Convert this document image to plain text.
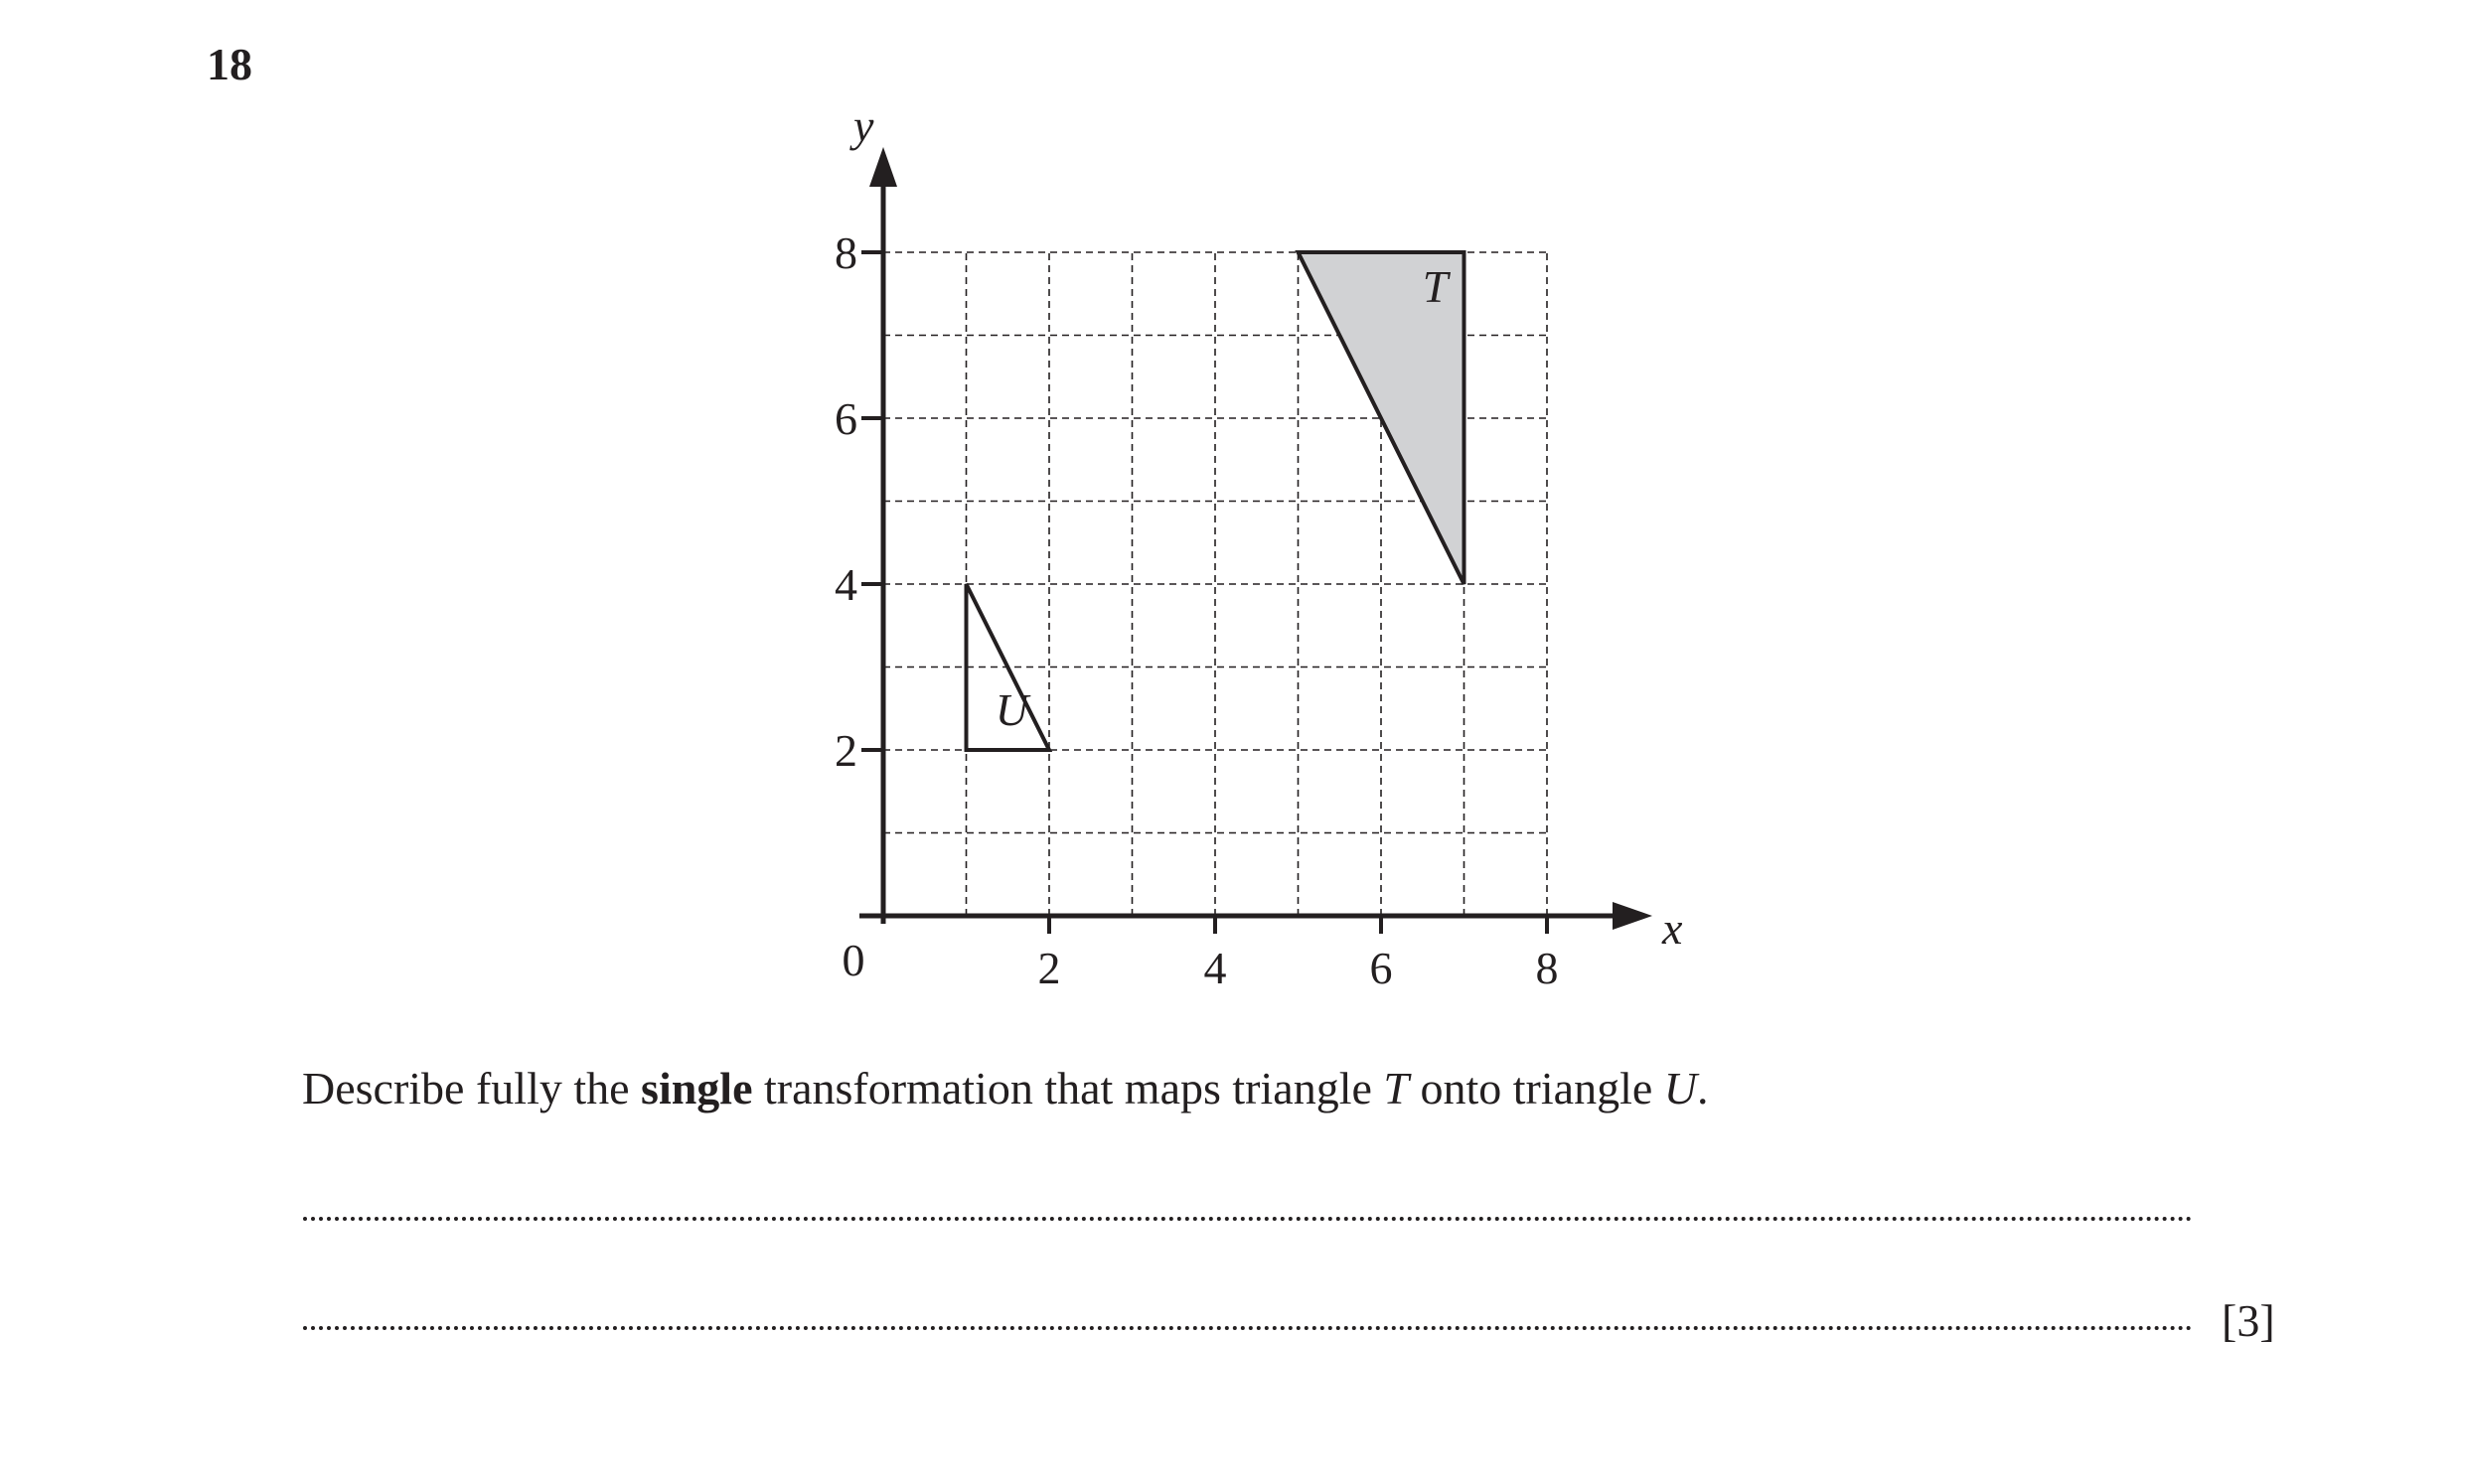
18
T
U
2	4	6	8
2
4
6
8
0
x
y
Describe fully the single transformation that maps triangle T onto triangle U.
[3]
